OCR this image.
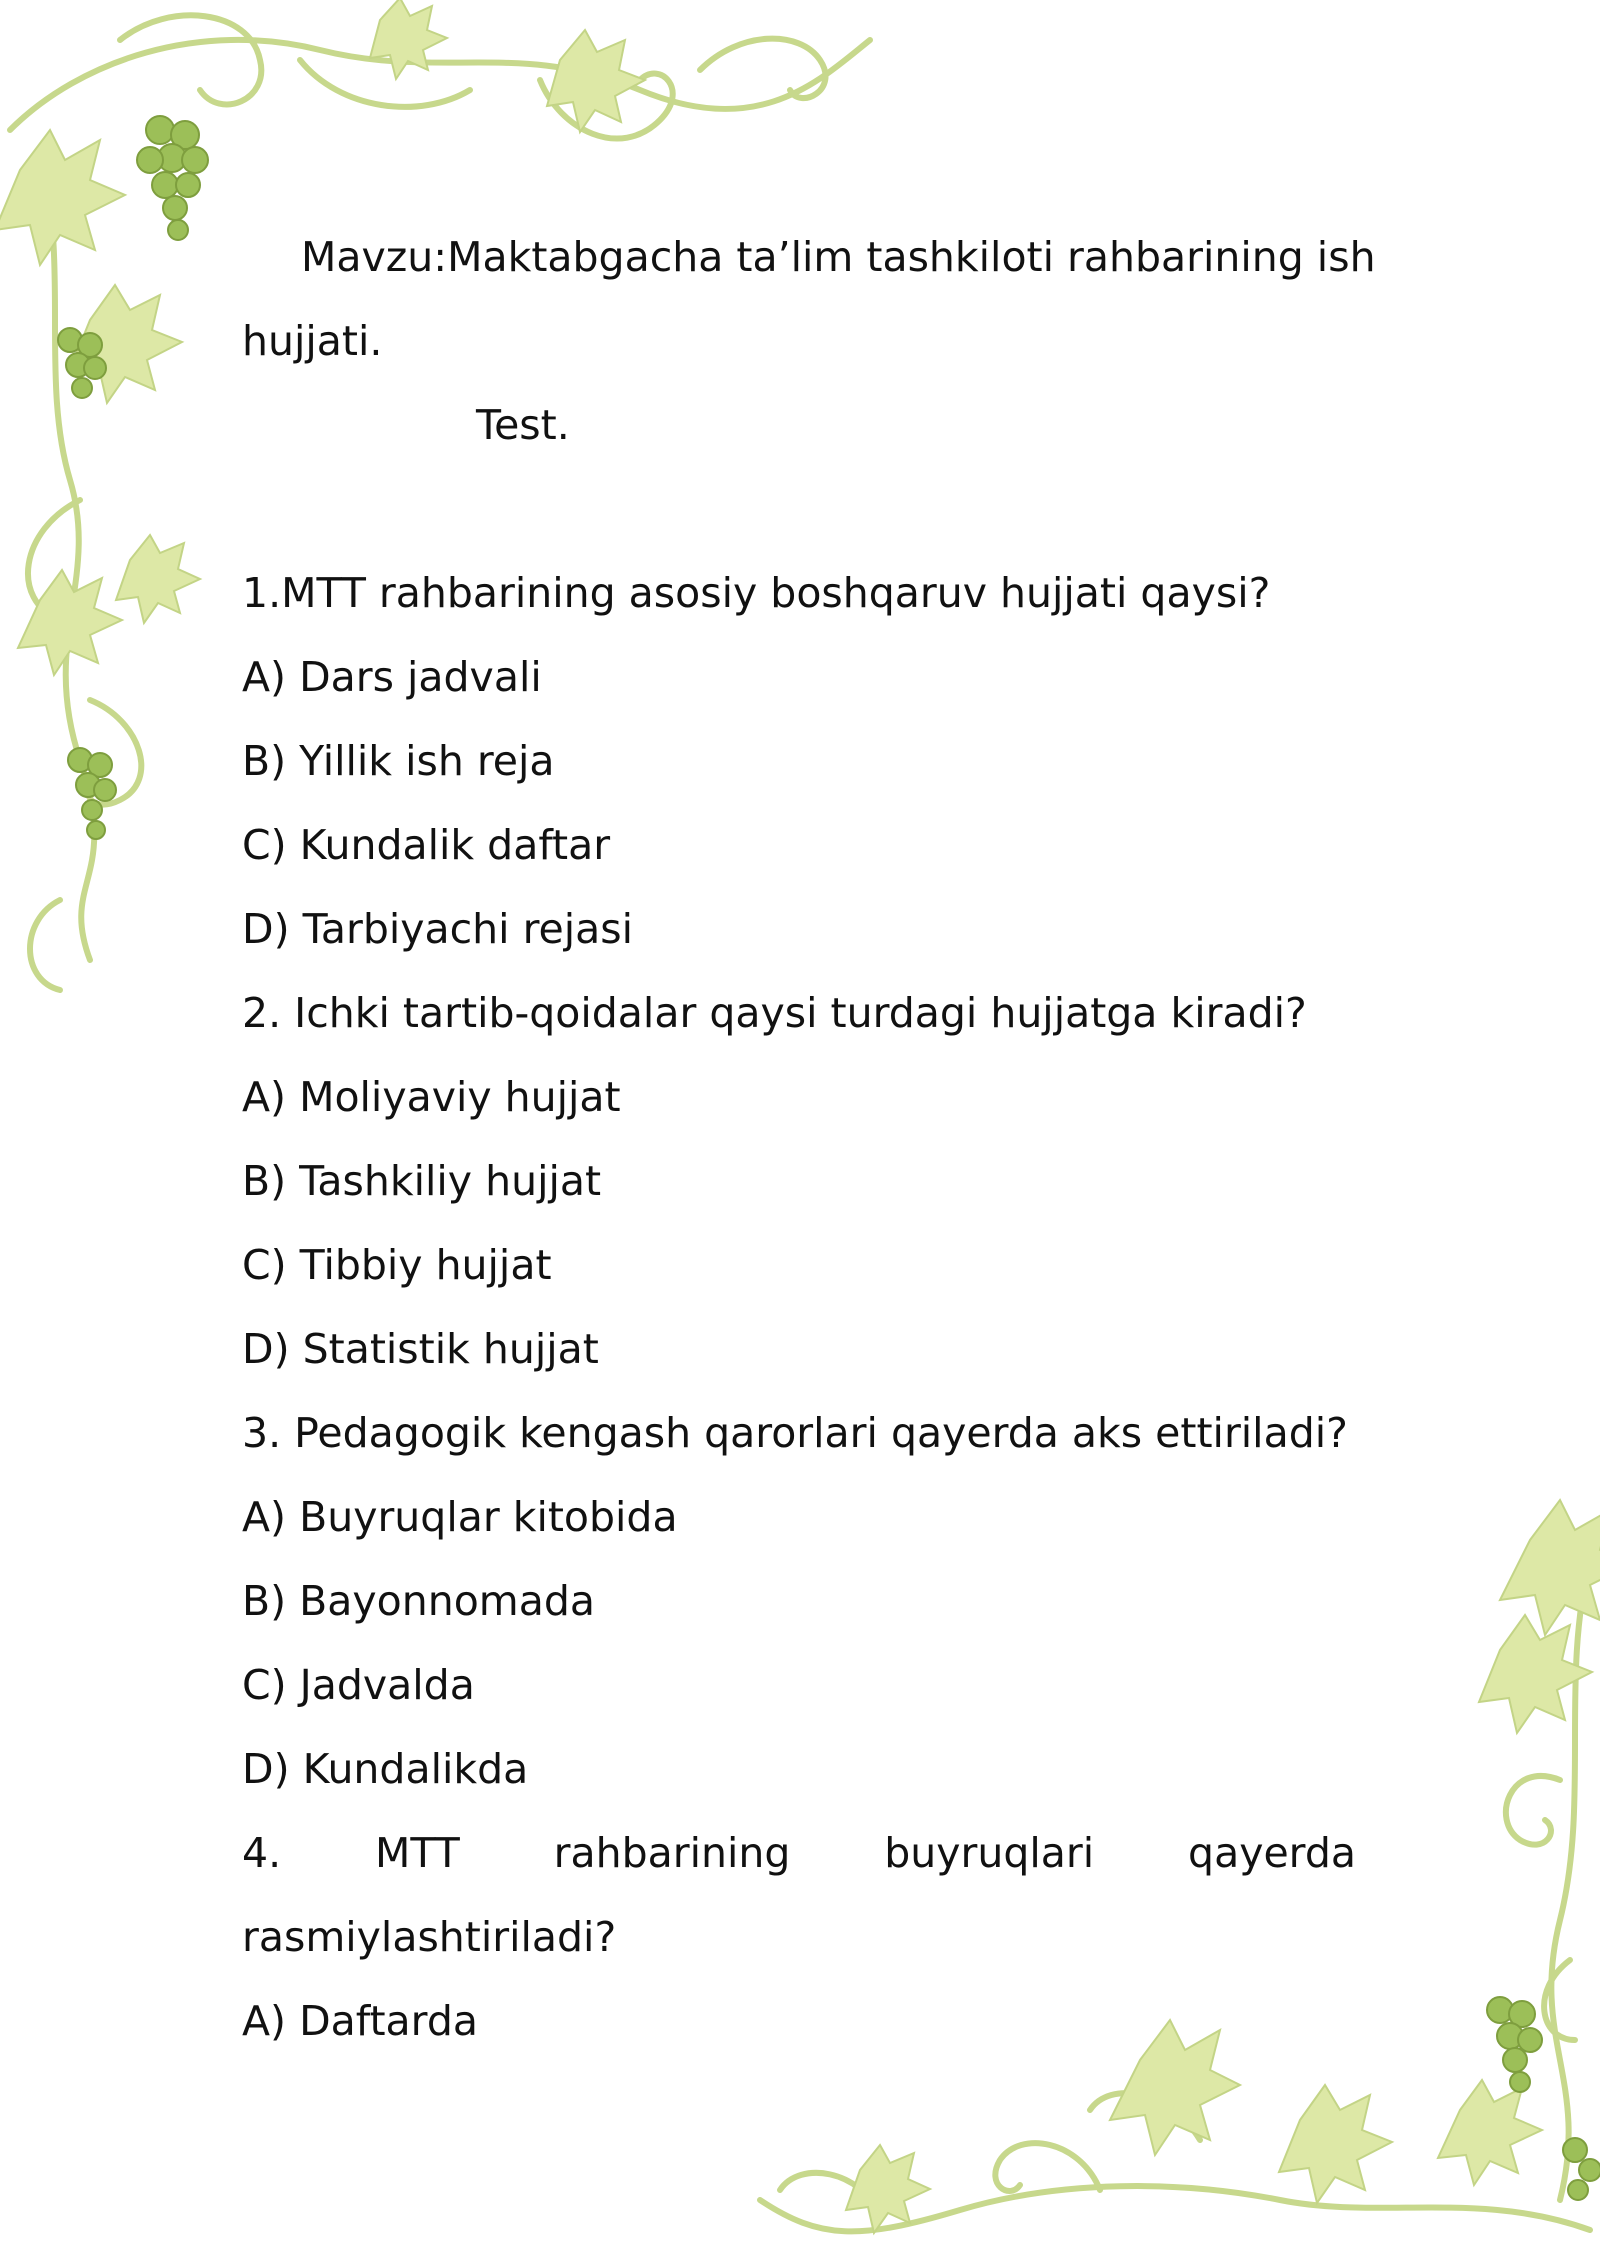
Mavzu:Maktabgacha ta’lim tashkiloti rahbarining ish
hujjati.
Test.
1.MTT rahbarining asosiy boshqaruv hujjati qaysi?
A) Dars jadvali
B) Yillik ish reja
C) Kundalik daftar
D) Tarbiyachi rejasi
2. Ichki tartib-qoidalar qaysi turdagi hujjatga kiradi?
A) Moliyaviy hujjat
B) Tashkiliy hujjat
C) Tibbiy hujjat
D) Statistik hujjat
3. Pedagogik kengash qarorlari qayerda aks ettiriladi?
A) Buyruqlar kitobida
B) Bayonnomada
C) Jadvalda
D) Kundalikda
4. MTT rahbarining buyruqlari qayerda
rasmiylashtiriladi?
A) Daftarda
